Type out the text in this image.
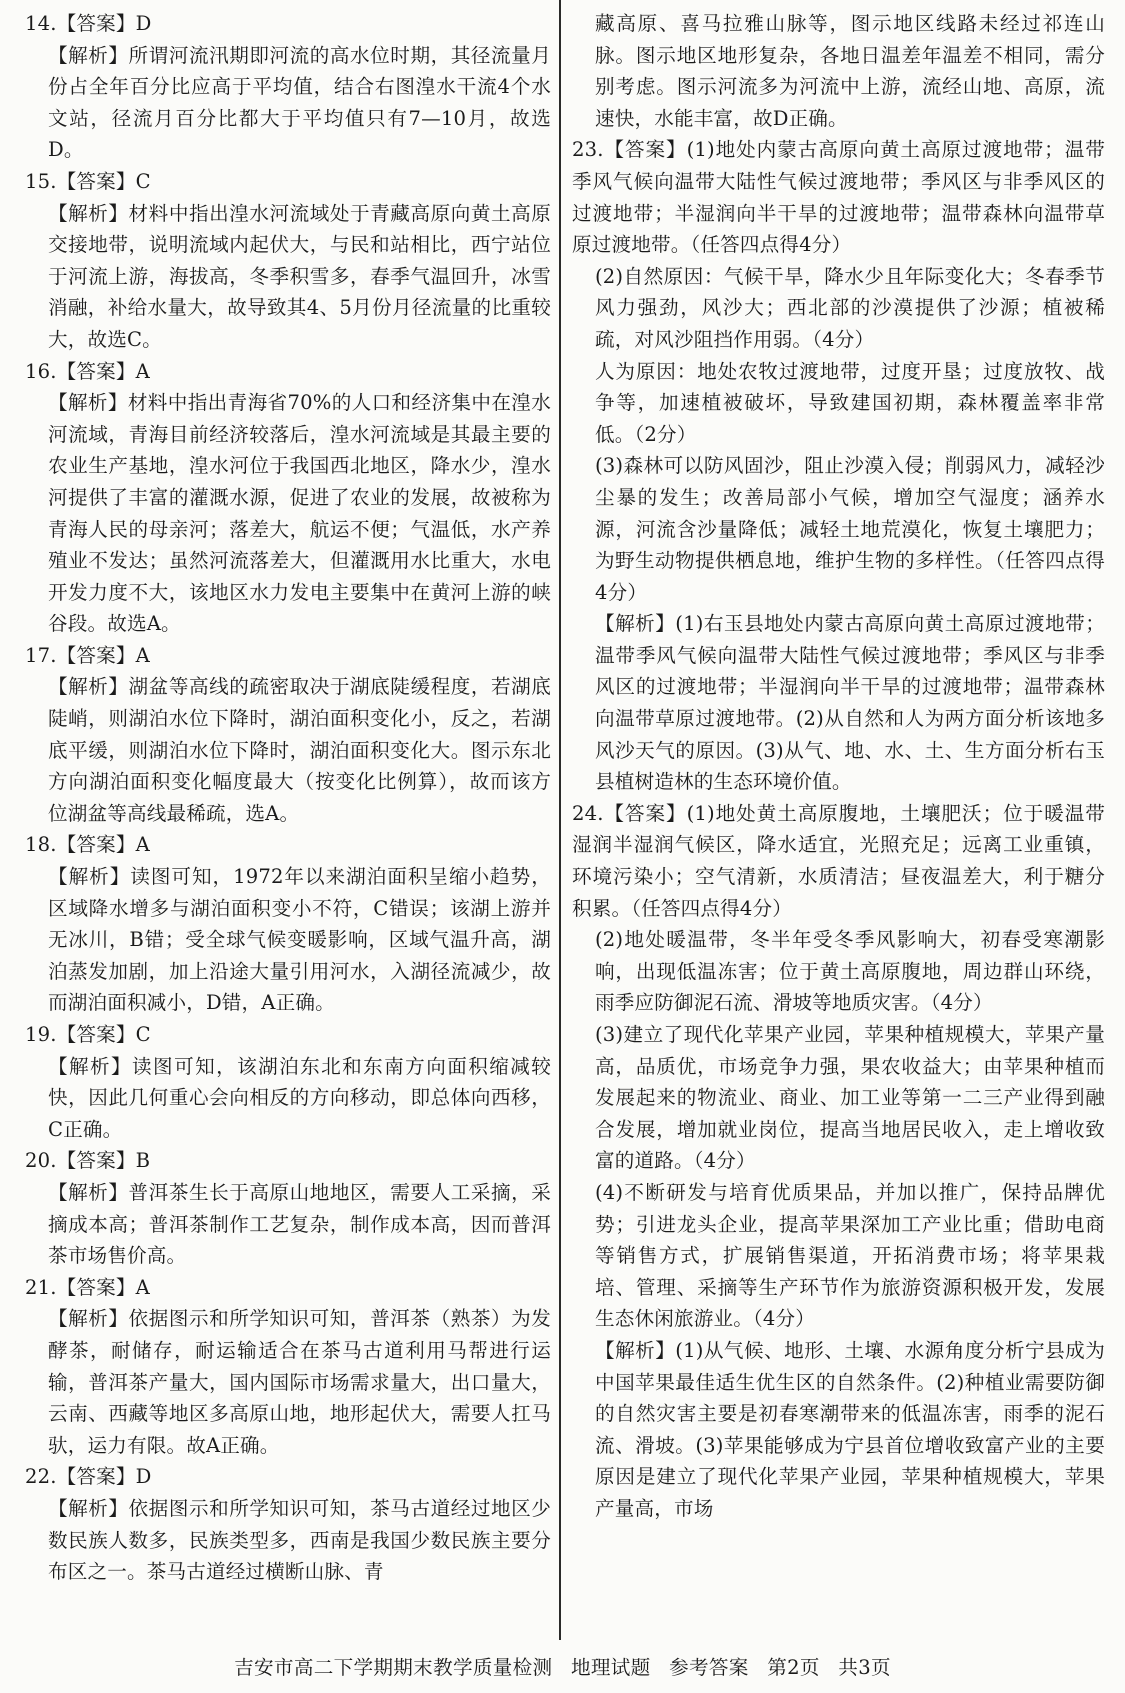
14.【答案】D

【解析】所谓河流汛期即河流的高水位时期，其径流量月份占全年百分比应高于平均值，结合右图湟水干流4个水文站，径流月百分比都大于平均值只有7—10月，故选D。

15.【答案】C

【解析】材料中指出湟水河流域处于青藏高原向黄土高原交接地带，说明流域内起伏大，与民和站相比，西宁站位于河流上游，海拔高，冬季积雪多，春季气温回升，冰雪消融，补给水量大，故导致其4、5月份月径流量的比重较大，故选C。

16.【答案】A

【解析】材料中指出青海省70%的人口和经济集中在湟水河流域，青海目前经济较落后，湟水河流域是其最主要的农业生产基地，湟水河位于我国西北地区，降水少，湟水河提供了丰富的灌溉水源，促进了农业的发展，故被称为青海人民的母亲河；落差大，航运不便；气温低，水产养殖业不发达；虽然河流落差大，但灌溉用水比重大，水电开发力度不大，该地区水力发电主要集中在黄河上游的峡谷段。故选A。

17.【答案】A

【解析】湖盆等高线的疏密取决于湖底陡缓程度，若湖底陡峭，则湖泊水位下降时，湖泊面积变化小，反之，若湖底平缓，则湖泊水位下降时，湖泊面积变化大。图示东北方向湖泊面积变化幅度最大（按变化比例算），故而该方位湖盆等高线最稀疏，选A。

18.【答案】A

【解析】读图可知，1972年以来湖泊面积呈缩小趋势，区域降水增多与湖泊面积变小不符，C错误；该湖上游并无冰川，B错；受全球气候变暖影响，区域气温升高，湖泊蒸发加剧，加上沿途大量引用河水，入湖径流减少，故而湖泊面积减小，D错，A正确。

19.【答案】C

【解析】读图可知，该湖泊东北和东南方向面积缩减较快，因此几何重心会向相反的方向移动，即总体向西移，C正确。

20.【答案】B

【解析】普洱茶生长于高原山地地区，需要人工采摘，采摘成本高；普洱茶制作工艺复杂，制作成本高，因而普洱茶市场售价高。

21.【答案】A

【解析】依据图示和所学知识可知，普洱茶（熟茶）为发酵茶，耐储存，耐运输适合在茶马古道利用马帮进行运输，普洱茶产量大，国内国际市场需求量大，出口量大，云南、西藏等地区多高原山地，地形起伏大，需要人扛马驮，运力有限。故A正确。

22.【答案】D

【解析】依据图示和所学知识可知，茶马古道经过地区少数民族人数多，民族类型多，西南是我国少数民族主要分布区之一。茶马古道经过横断山脉、青

藏高原、喜马拉雅山脉等，图示地区线路未经过祁连山脉。图示地区地形复杂，各地日温差年温差不相同，需分别考虑。图示河流多为河流中上游，流经山地、高原，流速快，水能丰富，故D正确。

23.【答案】(1)地处内蒙古高原向黄土高原过渡地带；温带季风气候向温带大陆性气候过渡地带；季风区与非季风区的过渡地带；半湿润向半干旱的过渡地带；温带森林向温带草原过渡地带。（任答四点得4分）

(2)自然原因：气候干旱，降水少且年际变化大；冬春季节风力强劲，风沙大；西北部的沙漠提供了沙源；植被稀疏，对风沙阻挡作用弱。（4分）

人为原因：地处农牧过渡地带，过度开垦；过度放牧、战争等，加速植被破坏，导致建国初期，森林覆盖率非常低。（2分）

(3)森林可以防风固沙，阻止沙漠入侵；削弱风力，减轻沙尘暴的发生；改善局部小气候，增加空气湿度；涵养水源，河流含沙量降低；减轻土地荒漠化，恢复土壤肥力；为野生动物提供栖息地，维护生物的多样性。（任答四点得4分）

【解析】(1)右玉县地处内蒙古高原向黄土高原过渡地带；温带季风气候向温带大陆性气候过渡地带；季风区与非季风区的过渡地带；半湿润向半干旱的过渡地带；温带森林向温带草原过渡地带。(2)从自然和人为两方面分析该地多风沙天气的原因。(3)从气、地、水、土、生方面分析右玉县植树造林的生态环境价值。

24.【答案】(1)地处黄土高原腹地，土壤肥沃；位于暖温带湿润半湿润气候区，降水适宜，光照充足；远离工业重镇，环境污染小；空气清新，水质清洁；昼夜温差大，利于糖分积累。（任答四点得4分）

(2)地处暖温带，冬半年受冬季风影响大，初春受寒潮影响，出现低温冻害；位于黄土高原腹地，周边群山环绕，雨季应防御泥石流、滑坡等地质灾害。（4分）

(3)建立了现代化苹果产业园，苹果种植规模大，苹果产量高，品质优，市场竞争力强，果农收益大；由苹果种植而发展起来的物流业、商业、加工业等第一二三产业得到融合发展，增加就业岗位，提高当地居民收入，走上增收致富的道路。（4分）

(4)不断研发与培育优质果品，并加以推广，保持品牌优势；引进龙头企业，提高苹果深加工产业比重；借助电商等销售方式，扩展销售渠道，开拓消费市场；将苹果栽培、管理、采摘等生产环节作为旅游资源积极开发，发展生态休闲旅游业。（4分）

【解析】(1)从气候、地形、土壤、水源角度分析宁县成为中国苹果最佳适生优生区的自然条件。(2)种植业需要防御的自然灾害主要是初春寒潮带来的低温冻害，雨季的泥石流、滑坡。(3)苹果能够成为宁县首位增收致富产业的主要原因是建立了现代化苹果产业园，苹果种植规模大，苹果产量高，市场

吉安市高二下学期期末教学质量检测 地理试题 参考答案 第2页 共3页
